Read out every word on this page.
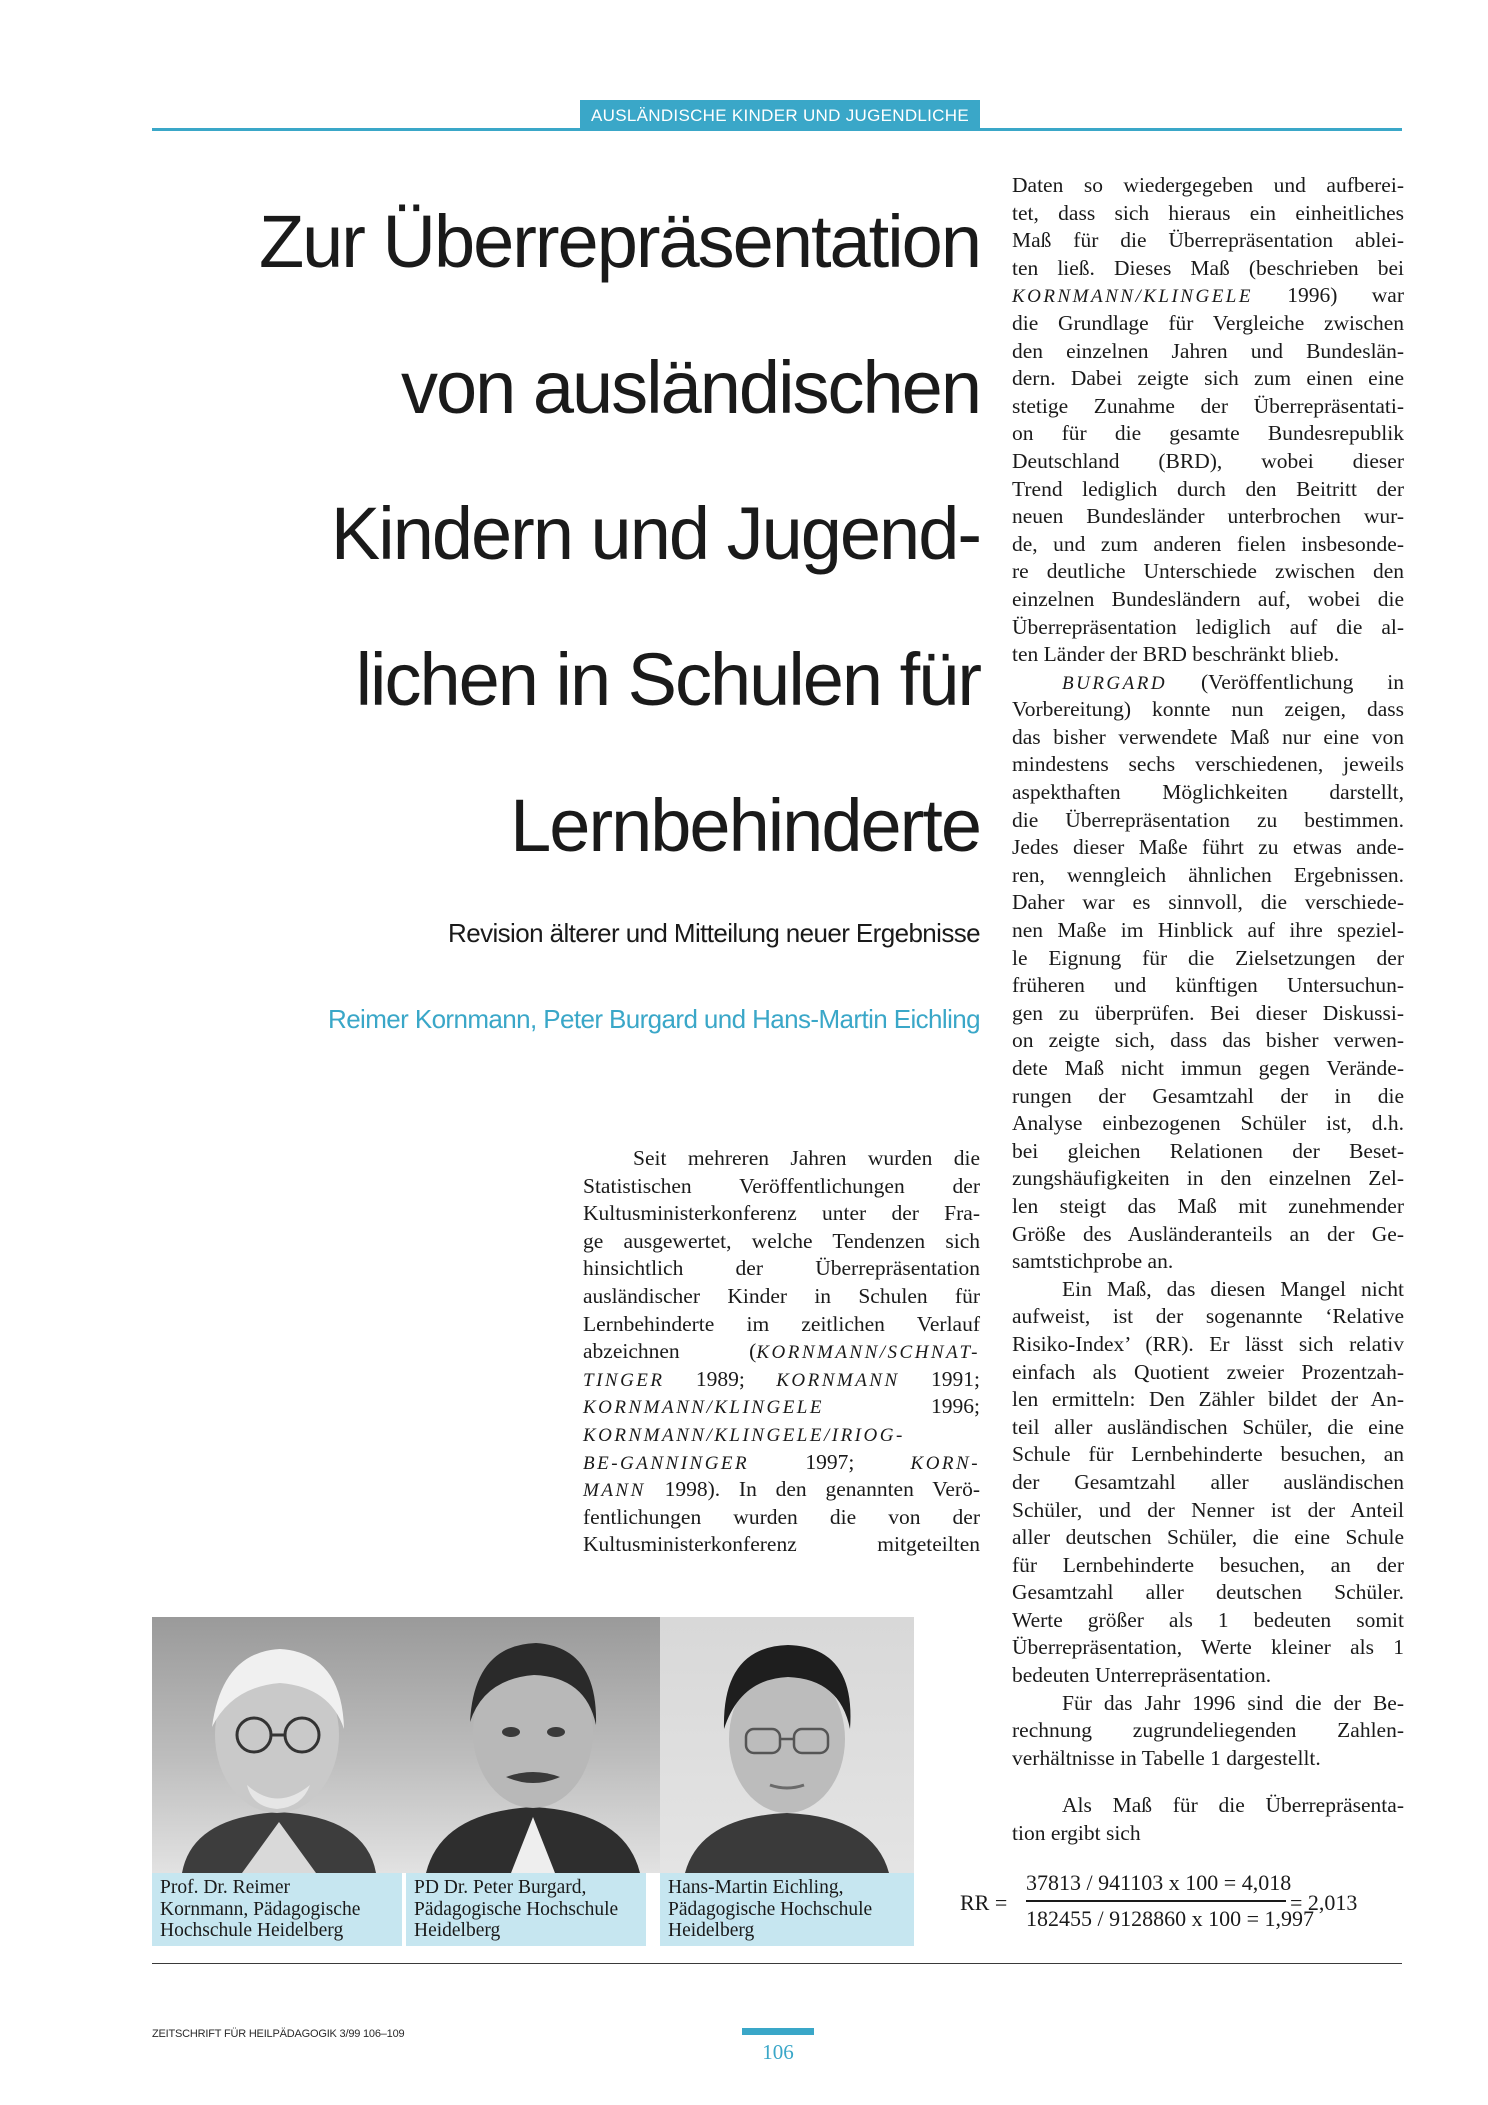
AUSLÄNDISCHE KINDER UND JUGENDLICHE
Zur Überrepräsentation
von ausländischen
Kindern und Jugend-
lichen in Schulen für
Lernbehinderte
Revision älterer und Mitteilung neuer Ergebnisse
Reimer Kornmann, Peter Burgard und Hans-Martin Eichling
Seit mehreren Jahren wurden die
Statistischen Veröffentlichungen der
Kultusministerkonferenz unter der Fra-
ge ausgewertet, welche Tendenzen sich
hinsichtlich der Überrepräsentation
ausländischer Kinder in Schulen für
Lernbehinderte im zeitlichen Verlauf
abzeichnen (KORNMANN/SCHNAT-
TINGER 1989; KORNMANN 1991;
KORNMANN/KLINGELE	1996;
KORNMANN/KLINGELE/IRIOG-
BE-GANNINGER	1997;	KORN-
MANN 1998). In den genannten Verö-
fentlichungen wurden die von der
Kultusministerkonferenz mitgeteilten
Daten so wiedergegeben und aufberei-
tet, dass sich hieraus ein einheitliches
Maß für die Überrepräsentation ablei-
ten ließ. Dieses Maß (beschrieben bei
KORNMANN/KLINGELE 1996) war
die Grundlage für Vergleiche zwischen
den einzelnen Jahren und Bundeslän-
dern. Dabei zeigte sich zum einen eine
stetige Zunahme der Überrepräsentati-
on für die gesamte Bundesrepublik
Deutschland (BRD), wobei dieser
Trend lediglich durch den Beitritt der
neuen Bundesländer unterbrochen wur-
de, und zum anderen fielen insbesonde-
re deutliche Unterschiede zwischen den
einzelnen Bundesländern auf, wobei die
Überrepräsentation lediglich auf die al-
ten Länder der BRD beschränkt blieb.
BURGARD (Veröffentlichung in
Vorbereitung) konnte nun zeigen, dass
das bisher verwendete Maß nur eine von
mindestens sechs verschiedenen, jeweils
aspekthaften Möglichkeiten darstellt,
die Überrepräsentation zu bestimmen.
Jedes dieser Maße führt zu etwas ande-
ren, wenngleich ähnlichen Ergebnissen.
Daher war es sinnvoll, die verschiede-
nen Maße im Hinblick auf ihre speziel-
le Eignung für die Zielsetzungen der
früheren und künftigen Untersuchun-
gen zu überprüfen. Bei dieser Diskussi-
on zeigte sich, dass das bisher verwen-
dete Maß nicht immun gegen Verände-
rungen der Gesamtzahl der in die
Analyse einbezogenen Schüler ist, d.h.
bei gleichen Relationen der Beset-
zungshäufigkeiten in den einzelnen Zel-
len steigt das Maß mit zunehmender
Größe des Ausländeranteils an der Ge-
samtstichprobe an.
Ein Maß, das diesen Mangel nicht
aufweist, ist der sogenannte ‘Relative
Risiko-Index’ (RR). Er lässt sich relativ
einfach als Quotient zweier Prozentzah-
len ermitteln: Den Zähler bildet der An-
teil aller ausländischen Schüler, die eine
Schule für Lernbehinderte besuchen, an
der Gesamtzahl aller ausländischen
Schüler, und der Nenner ist der Anteil
aller deutschen Schüler, die eine Schule
für Lernbehinderte besuchen, an der
Gesamtzahl aller deutschen Schüler.
Werte größer als 1 bedeuten somit
Überrepräsentation, Werte kleiner als 1
bedeuten Unterrepräsentation.
Für das Jahr 1996 sind die der Be-
rechnung zugrundeliegenden Zahlen-
verhältnisse in Tabelle 1 dargestellt.
Als Maß für die Überrepräsenta-
tion ergibt sich
Prof. Dr. Reimer
Kornmann, Pädagogische
Hochschule Heidelberg
PD Dr. Peter Burgard,
Pädagogische Hochschule
Heidelberg
Hans-Martin Eichling,
Pädagogische Hochschule
Heidelberg
RR =
37813 / 941103 x 100 = 4,018
182455 / 9128860 x 100 = 1,997
= 2,013
ZEITSCHRIFT FÜR HEILPÄDAGOGIK 3/99 106–109
106
